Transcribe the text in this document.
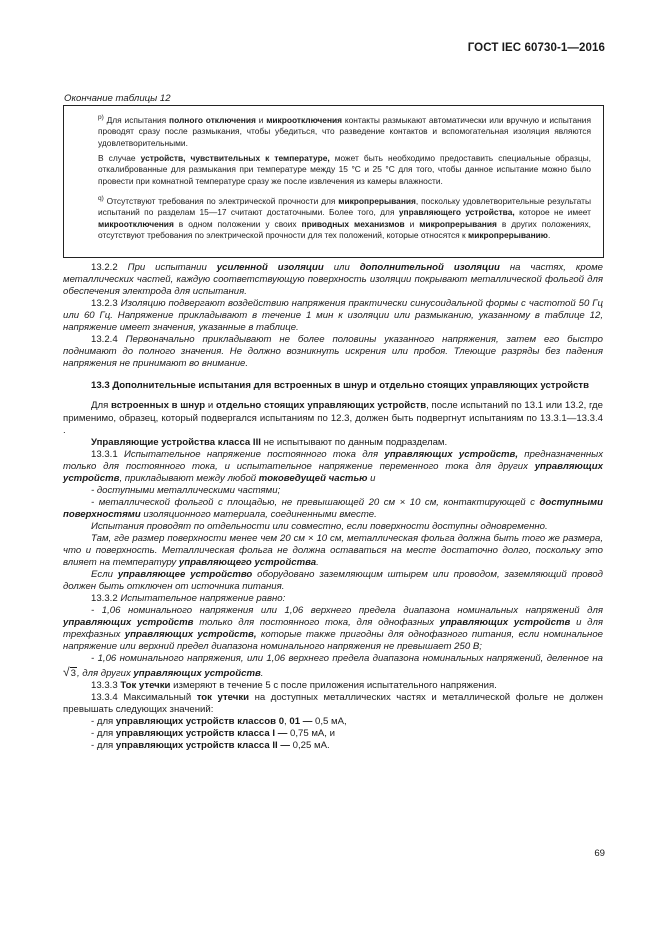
ГОСТ IEC 60730-1—2016
Окончание таблицы 12

$^{р)}$ Для испытания полного отключения и микроотключения контакты размыкают автоматически или вручную и испытания проводят сразу после размыкания, чтобы убедиться, что разведение контактов и вспомогательная изоляция являются удовлетворительными.

В случае устройств, чувствительных к температуре, может быть необходимо предоставить специальные образцы, откалиброванные для размыкания при температуре между 15 °С и 25 °С для того, чтобы данное испытание можно было провести при комнатной температуре сразу же после извлечения из камеры влажности.

$^{q)}$ Отсутствуют требования по электрической прочности для микропрерывания, поскольку удовлетворительные результаты испытаний по разделам 15—17 считают достаточными. Более того, для управляющего устройства, которое не имеет микроотключения в одном положении у своих приводных механизмов и микропрерывания в других положениях, отсутствуют требования по электрической прочности для тех положений, которые относятся к микропрерыванию.

13.2.2 При испытании усиленной изоляции или дополнительной изоляции на частях, кроме металлических частей, каждую соответствующую поверхность изоляции покрывают металлической фольгой для обеспечения электрода для испытания.

13.2.3 Изоляцию подвергают воздействию напряжения практически синусоидальной формы с частотой 50 Гц или 60 Гц. Напряжение прикладывают в течение 1 мин к изоляции или размыканию, указанному в таблице 12, напряжение имеет значения, указанные в таблице.

13.2.4 Первоначально прикладывают не более половины указанного напряжения, затем его быстро поднимают до полного значения. Не должно возникнуть искрения или пробоя. Тлеющие разряды без падения напряжения не принимают во внимание.

13.3 Дополнительные испытания для встроенных в шнур и отдельно стоящих управляющих устройств

Для встроенных в шнур и отдельно стоящих управляющих устройств, после испытаний по 13.1 или 13.2, где применимо, образец, который подвергался испытаниям по 12.3, должен быть подвергнут испытаниям по 13.3.1—13.3.4 .

Управляющие устройства класса III не испытывают по данным подразделам.

13.3.1 Испытательное напряжение постоянного тока для управляющих устройств, предназначенных только для постоянного тока, и испытательное напряжение переменного тока для других управляющих устройств, прикладывают между любой токоведущей частью и

- доступными металлическими частями;

- металлической фольгой с площадью, не превышающей 20 см × 10 см, контактирующей с доступными поверхностями изоляционного материала, соединенными вместе.

Испытания проводят по отдельности или совместно, если поверхности доступны одновременно.

Там, где размер поверхности менее чем 20 см × 10 см, металлическая фольга должна быть того же размера, что и поверхность. Металлическая фольга не должна оставаться на месте достаточно долго, поскольку это влияет на температуру управляющего устройства.

Если управляющее устройство оборудовано заземляющим штырем или проводом, заземляющий провод должен быть отключен от источника питания.

13.3.2 Испытательное напряжение равно:

- 1,06 номинального напряжения или 1,06 верхнего предела диапазона номинальных напряжений для управляющих устройств только для постоянного тока, для однофазных управляющих устройств и для трехфазных управляющих устройств, которые также пригодны для однофазного питания, если номинальное напряжение или верхний предел диапазона номинального напряжения не превышает 250 В;

- 1,06 номинального напряжения, или 1,06 верхнего предела диапазона номинальных напряжений, деленное на √3, для других управляющих устройств.

13.3.3 Ток утечки измеряют в течение 5 с после приложения испытательного напряжения.

13.3.4 Максимальный ток утечки на доступных металлических частях и металлической фольге не должен превышать следующих значений:

- для управляющих устройств классов 0, 01 — 0,5 мА,

- для управляющих устройств класса I — 0,75 мА, и

- для управляющих устройств класса II — 0,25 мА.

69
